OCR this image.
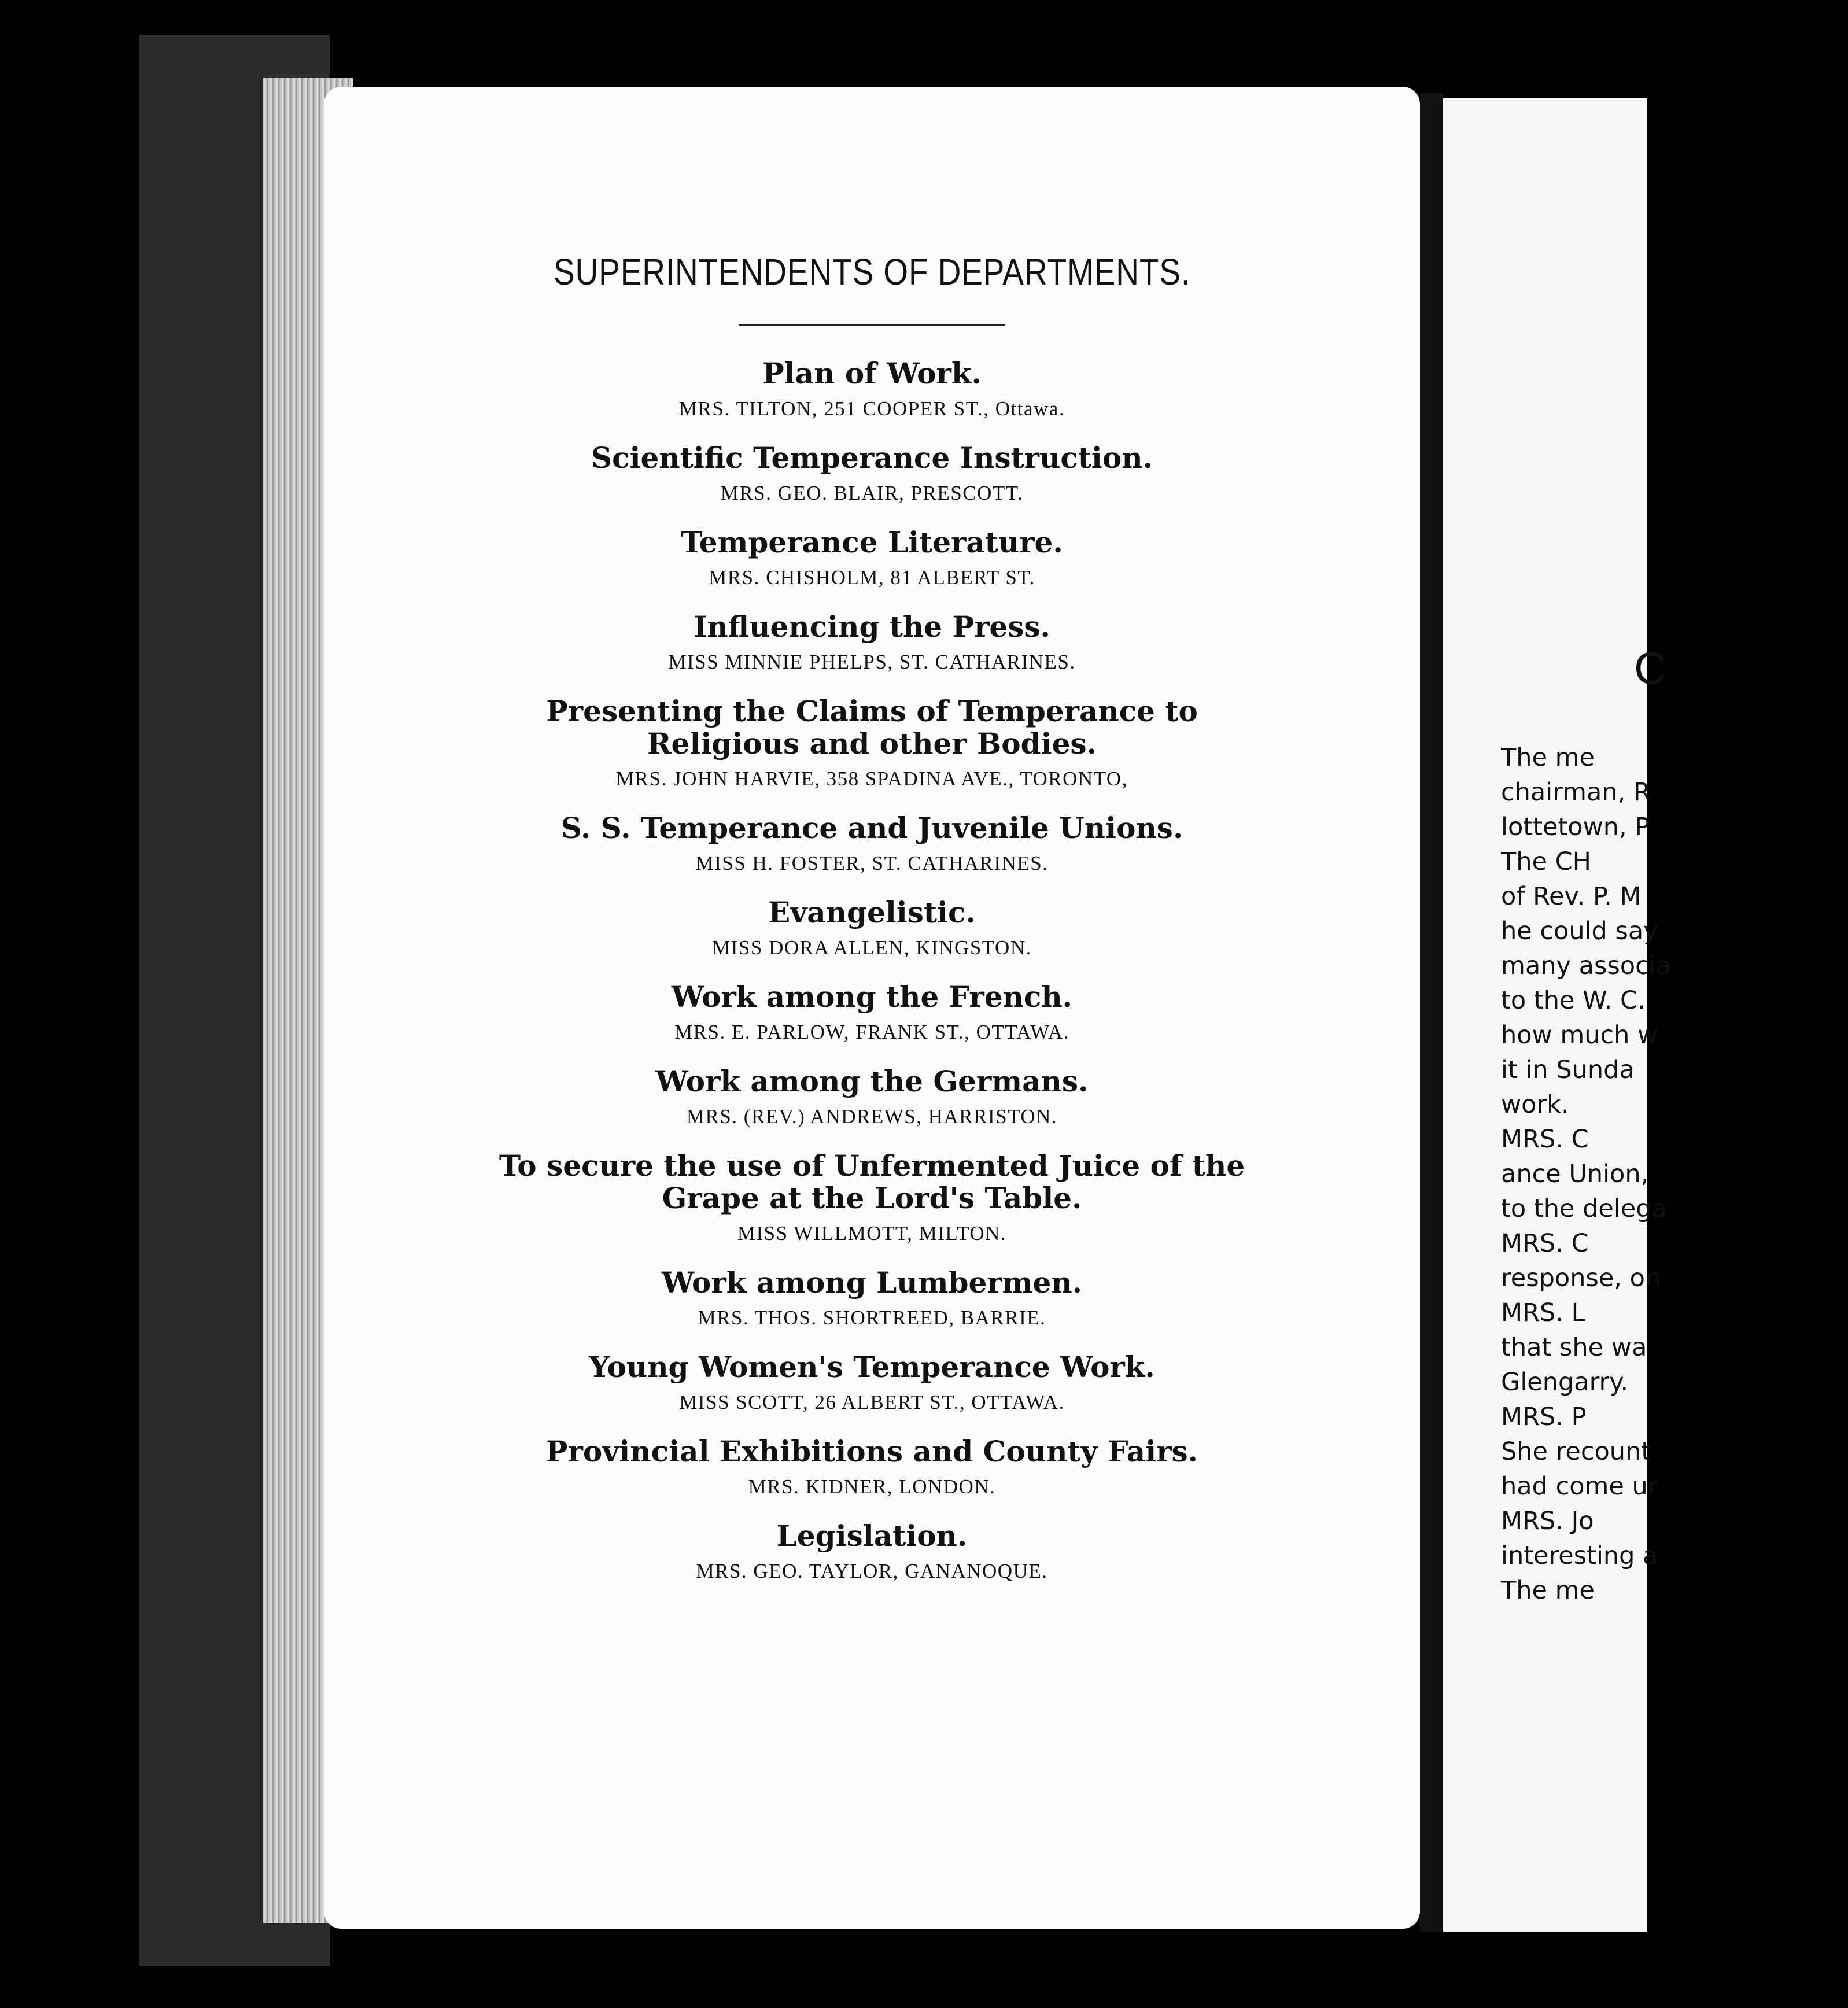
C
The me
chairman, R
lottetown, P
The CH
of Rev. P. M
he could say
many associa
to the W. C.
how much w
it in Sunda
work.
MRS. C
ance Union,
to the delega
MRS. C
response, on
MRS. L
that she wa
Glengarry.
MRS. P
She recount
had come ur
MRS. Jo
interesting a
The me
SUPERINTENDENTS OF DEPARTMENTS.
Plan of Work.
MRS. TILTON, 251 COOPER ST., Ottawa.
Scientific Temperance Instruction.
MRS. GEO. BLAIR, PRESCOTT.
Temperance Literature.
MRS. CHISHOLM, 81 ALBERT ST.
Influencing the Press.
MISS MINNIE PHELPS, ST. CATHARINES.
Presenting the Claims of Temperance to Religious and other Bodies.
MRS. JOHN HARVIE, 358 SPADINA AVE., TORONTO,
S. S. Temperance and Juvenile Unions.
MISS H. FOSTER, ST. CATHARINES.
Evangelistic.
MISS DORA ALLEN, KINGSTON.
Work among the French.
MRS. E. PARLOW, FRANK ST., OTTAWA.
Work among the Germans.
MRS. (REV.) ANDREWS, HARRISTON.
To secure the use of Unfermented Juice of the Grape at the Lord's Table.
MISS WILLMOTT, MILTON.
Work among Lumbermen.
MRS. THOS. SHORTREED, BARRIE.
Young Women's Temperance Work.
MISS SCOTT, 26 ALBERT ST., OTTAWA.
Provincial Exhibitions and County Fairs.
MRS. KIDNER, LONDON.
Legislation.
MRS. GEO. TAYLOR, GANANOQUE.
